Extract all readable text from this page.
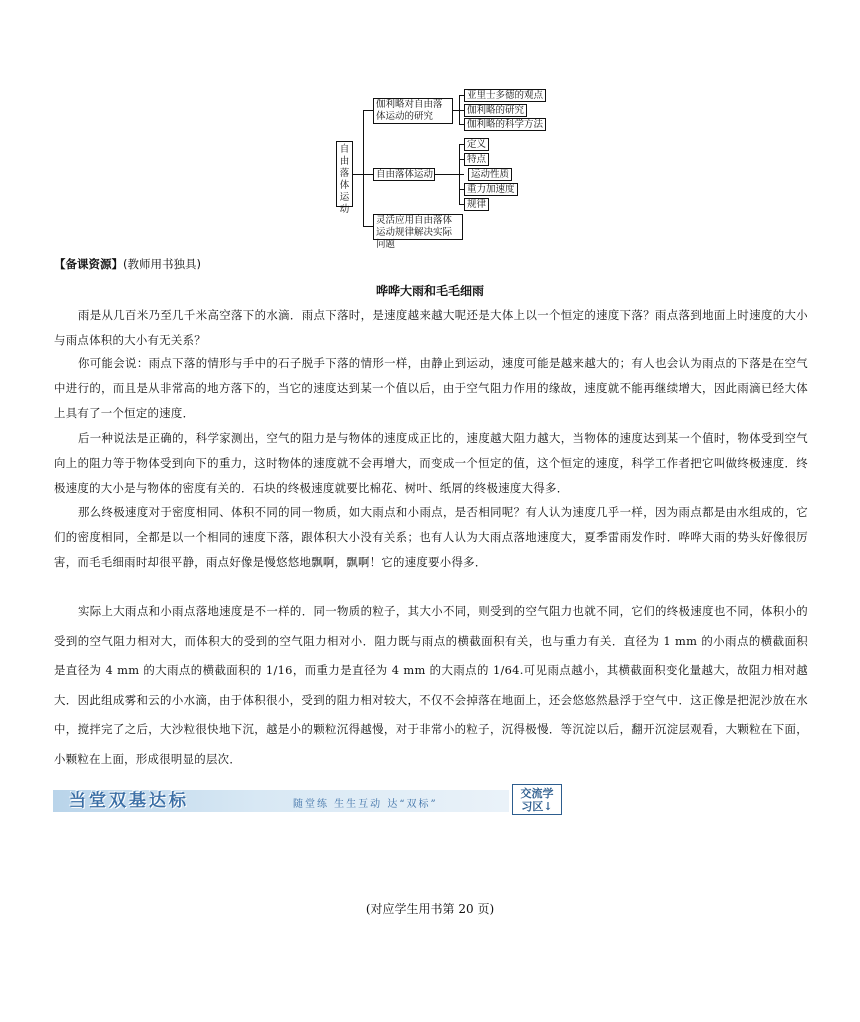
自由落体运动
伽利略对自由落体运动的研究
亚里士多德的观点
伽利略的研究
伽利略的科学方法
自由落体运动
定义
特点
运动性质
重力加速度
规律
灵活应用自由落体运动规律解决实际问题
【备课资源】(教师用书独具)
哗哗大雨和毛毛细雨
雨是从几百米乃至几千米高空落下的水滴．雨点下落时，是速度越来越大呢还是大体上以一个恒定的速度下落？雨点落到地面上时速度的大小与雨点体积的大小有无关系？
你可能会说：雨点下落的情形与手中的石子脱手下落的情形一样，由静止到运动，速度可能是越来越大的；有人也会认为雨点的下落是在空气中进行的，而且是从非常高的地方落下的，当它的速度达到某一个值以后，由于空气阻力作用的缘故，速度就不能再继续增大，因此雨滴已经大体上具有了一个恒定的速度．
后一种说法是正确的，科学家测出，空气的阻力是与物体的速度成正比的，速度越大阻力越大，当物体的速度达到某一个值时，物体受到空气向上的阻力等于物体受到向下的重力，这时物体的速度就不会再增大，而变成一个恒定的值，这个恒定的速度，科学工作者把它叫做终极速度．终极速度的大小是与物体的密度有关的．石块的终极速度就要比棉花、树叶、纸屑的终极速度大得多．
那么终极速度对于密度相同、体积不同的同一物质，如大雨点和小雨点，是否相同呢？有人认为速度几乎一样，因为雨点都是由水组成的，它们的密度相同，全都是以一个相同的速度下落，跟体积大小没有关系；也有人认为大雨点落地速度大，夏季雷雨发作时．哗哗大雨的势头好像很厉害，而毛毛细雨时却很平静，雨点好像是慢悠悠地飘啊，飘啊！它的速度要小得多．
实际上大雨点和小雨点落地速度是不一样的．同一物质的粒子，其大小不同，则受到的空气阻力也就不同，它们的终极速度也不同，体积小的受到的空气阻力相对大，而体积大的受到的空气阻力相对小．阻力既与雨点的横截面积有关，也与重力有关．直径为 1 mm 的小雨点的横截面积是直径为 4 mm 的大雨点的横截面积的 1/16，而重力是直径为 4 mm 的大雨点的 1/64.可见雨点越小，其横截面积变化量越大，故阻力相对越大．因此组成雾和云的小水滴，由于体积很小，受到的阻力相对较大，不仅不会掉落在地面上，还会悠悠然悬浮于空气中．这正像是把泥沙放在水中，搅拌完了之后，大沙粒很快地下沉，越是小的颗粒沉得越慢，对于非常小的粒子，沉得极慢．等沉淀以后，翻开沉淀层观看，大颗粒在下面，小颗粒在上面，形成很明显的层次．
当堂双基达标	随堂练 生生互动 达“双标”
交流学
习区↓
(对应学生用书第 20 页)
